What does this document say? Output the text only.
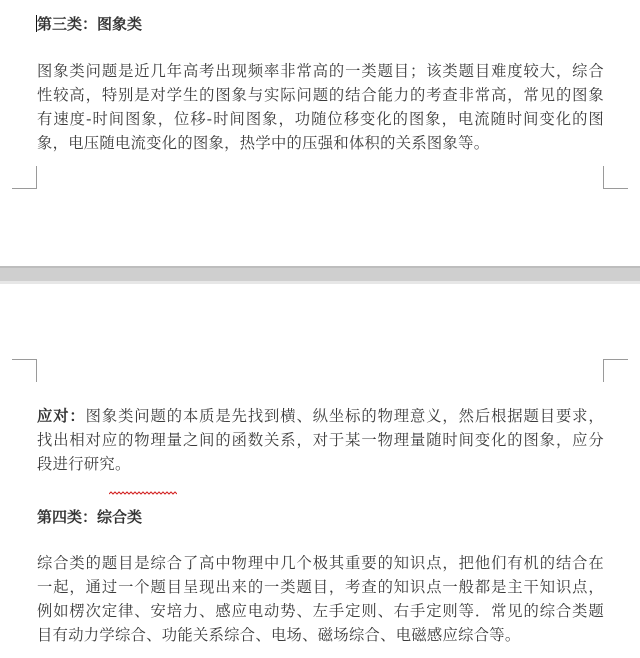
第三类：图象类

图象类问题是近几年高考出现频率非常高的一类题目；该类题目难度较大，综合
性较高，特别是对学生的图象与实际问题的结合能力的考查非常高，常见的图象
有速度-时间图象，位移-时间图象，功随位移变化的图象，电流随时间变化的图
象，电压随电流变化的图象，热学中的压强和体积的关系图象等。

应对：图象类问题的本质是先找到横、纵坐标的物理意义，然后根据题目要求，
找出相对应的物理量之间的函数关系，对于某一物理量随时间变化的图象，应分
段进行研究。

第四类：综合类

综合类的题目是综合了高中物理中几个极其重要的知识点，把他们有机的结合在
一起，通过一个题目呈现出来的一类题目，考查的知识点一般都是主干知识点，
例如楞次定律、安培力、感应电动势、左手定则、右手定则等．常见的综合类题
目有动力学综合、功能关系综合、电场、磁场综合、电磁感应综合等。
